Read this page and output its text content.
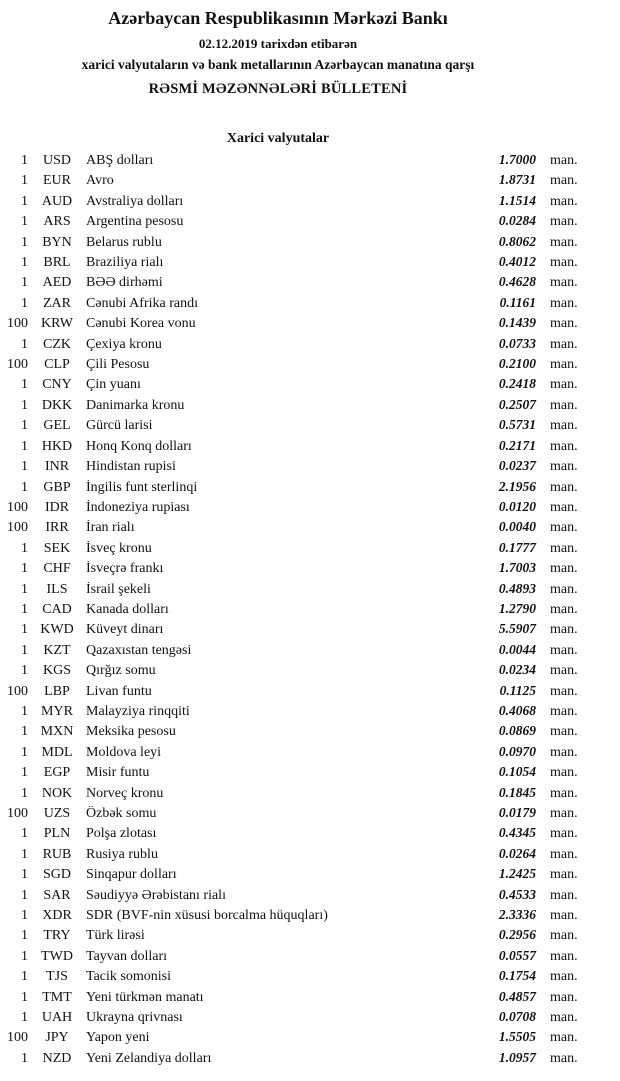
Azərbaycan Respublikasının Mərkəzi Bankı
02.12.2019 tarixdən etibarən
xarici valyutaların və bank metallarının Azərbaycan manatına qarşı
RƏSMİ MƏZƏNNƏLƏRİ BÜLLETENİ
Xarici valyutalar
1	USD	ABŞ dolları	1.7000 man.
1	EUR	Avro	1.8731 man.
1 AUD Avstraliya dolları	1.1514 man.
1	ARS	Argentina pesosu	0.0284 man.
1	BYN	Belarus rublu	0.8062 man.
1	BRL	Braziliya rialı	0.4012 man.
1	AED	BƏƏ dirhəmi	0.4628 man.
1	ZAR	Cənubi Afrika randı	0.1161 man.
100 KRW Cənubi Korea vonu	0.1439 man.
1	CZK	Çexiya kronu	0.0733 man.
100	CLP	Çili Pesosu	0.2100 man.
1	CNY	Çin yuanı	0.2418 man.
1 DKK Danimarka kronu	0.2507 man.
1	GEL	Gürcü larisi	0.5731 man.
1 HKD Honq Konq dolları	0.2171 man.
1	INR	Hindistan rupisi	0.0237 man.
1	GBP	İngilis funt sterlinqi	2.1956 man.
100	IDR	İndoneziya rupiası	0.0120 man.
100	IRR	İran rialı	0.0040 man.
1	SEK	İsveç kronu	0.1777 man.
1	CHF	İsveçrə frankı	1.7003 man.
1	ILS	İsrail şekeli	0.4893 man.
1	CAD	Kanada dolları	1.2790 man.
1 KWD Küveyt dinarı	5.5907 man.
1	KZT	Qazaxıstan tengəsi	0.0044 man.
1	KGS	Qırğız somu	0.0234 man.
100	LBP	Livan funtu	0.1125 man.
1 MYR Malayziya rinqqiti	0.4068 man.
1 MXN Meksika pesosu	0.0869 man.
1 MDL Moldova leyi	0.0970 man.
1	EGP	Misir funtu	0.1054 man.
1 NOK Norveç kronu	0.1845 man.
100	UZS	Özbək somu	0.0179 man.
1	PLN	Polşa zlotası	0.4345 man.
1	RUB	Rusiya rublu	0.0264 man.
1	SGD	Sinqapur dolları	1.2425 man.
1	SAR	Səudiyyə Ərəbistanı rialı	0.4533 man.
1	XDR	SDR (BVF-nin xüsusi borcalma hüquqları)	2.3336 man.
1	TRY	Türk lirəsi	0.2956 man.
1 TWD Tayvan dolları	0.0557 man.
1	TJS	Tacik somonisi	0.1754 man.
1	TMT	Yeni türkmən manatı	0.4857 man.
1 UAH Ukrayna qrivnası	0.0708 man.
100	JPY	Yapon yeni	1.5505 man.
1	NZD	Yeni Zelandiya dolları	1.0957 man.
